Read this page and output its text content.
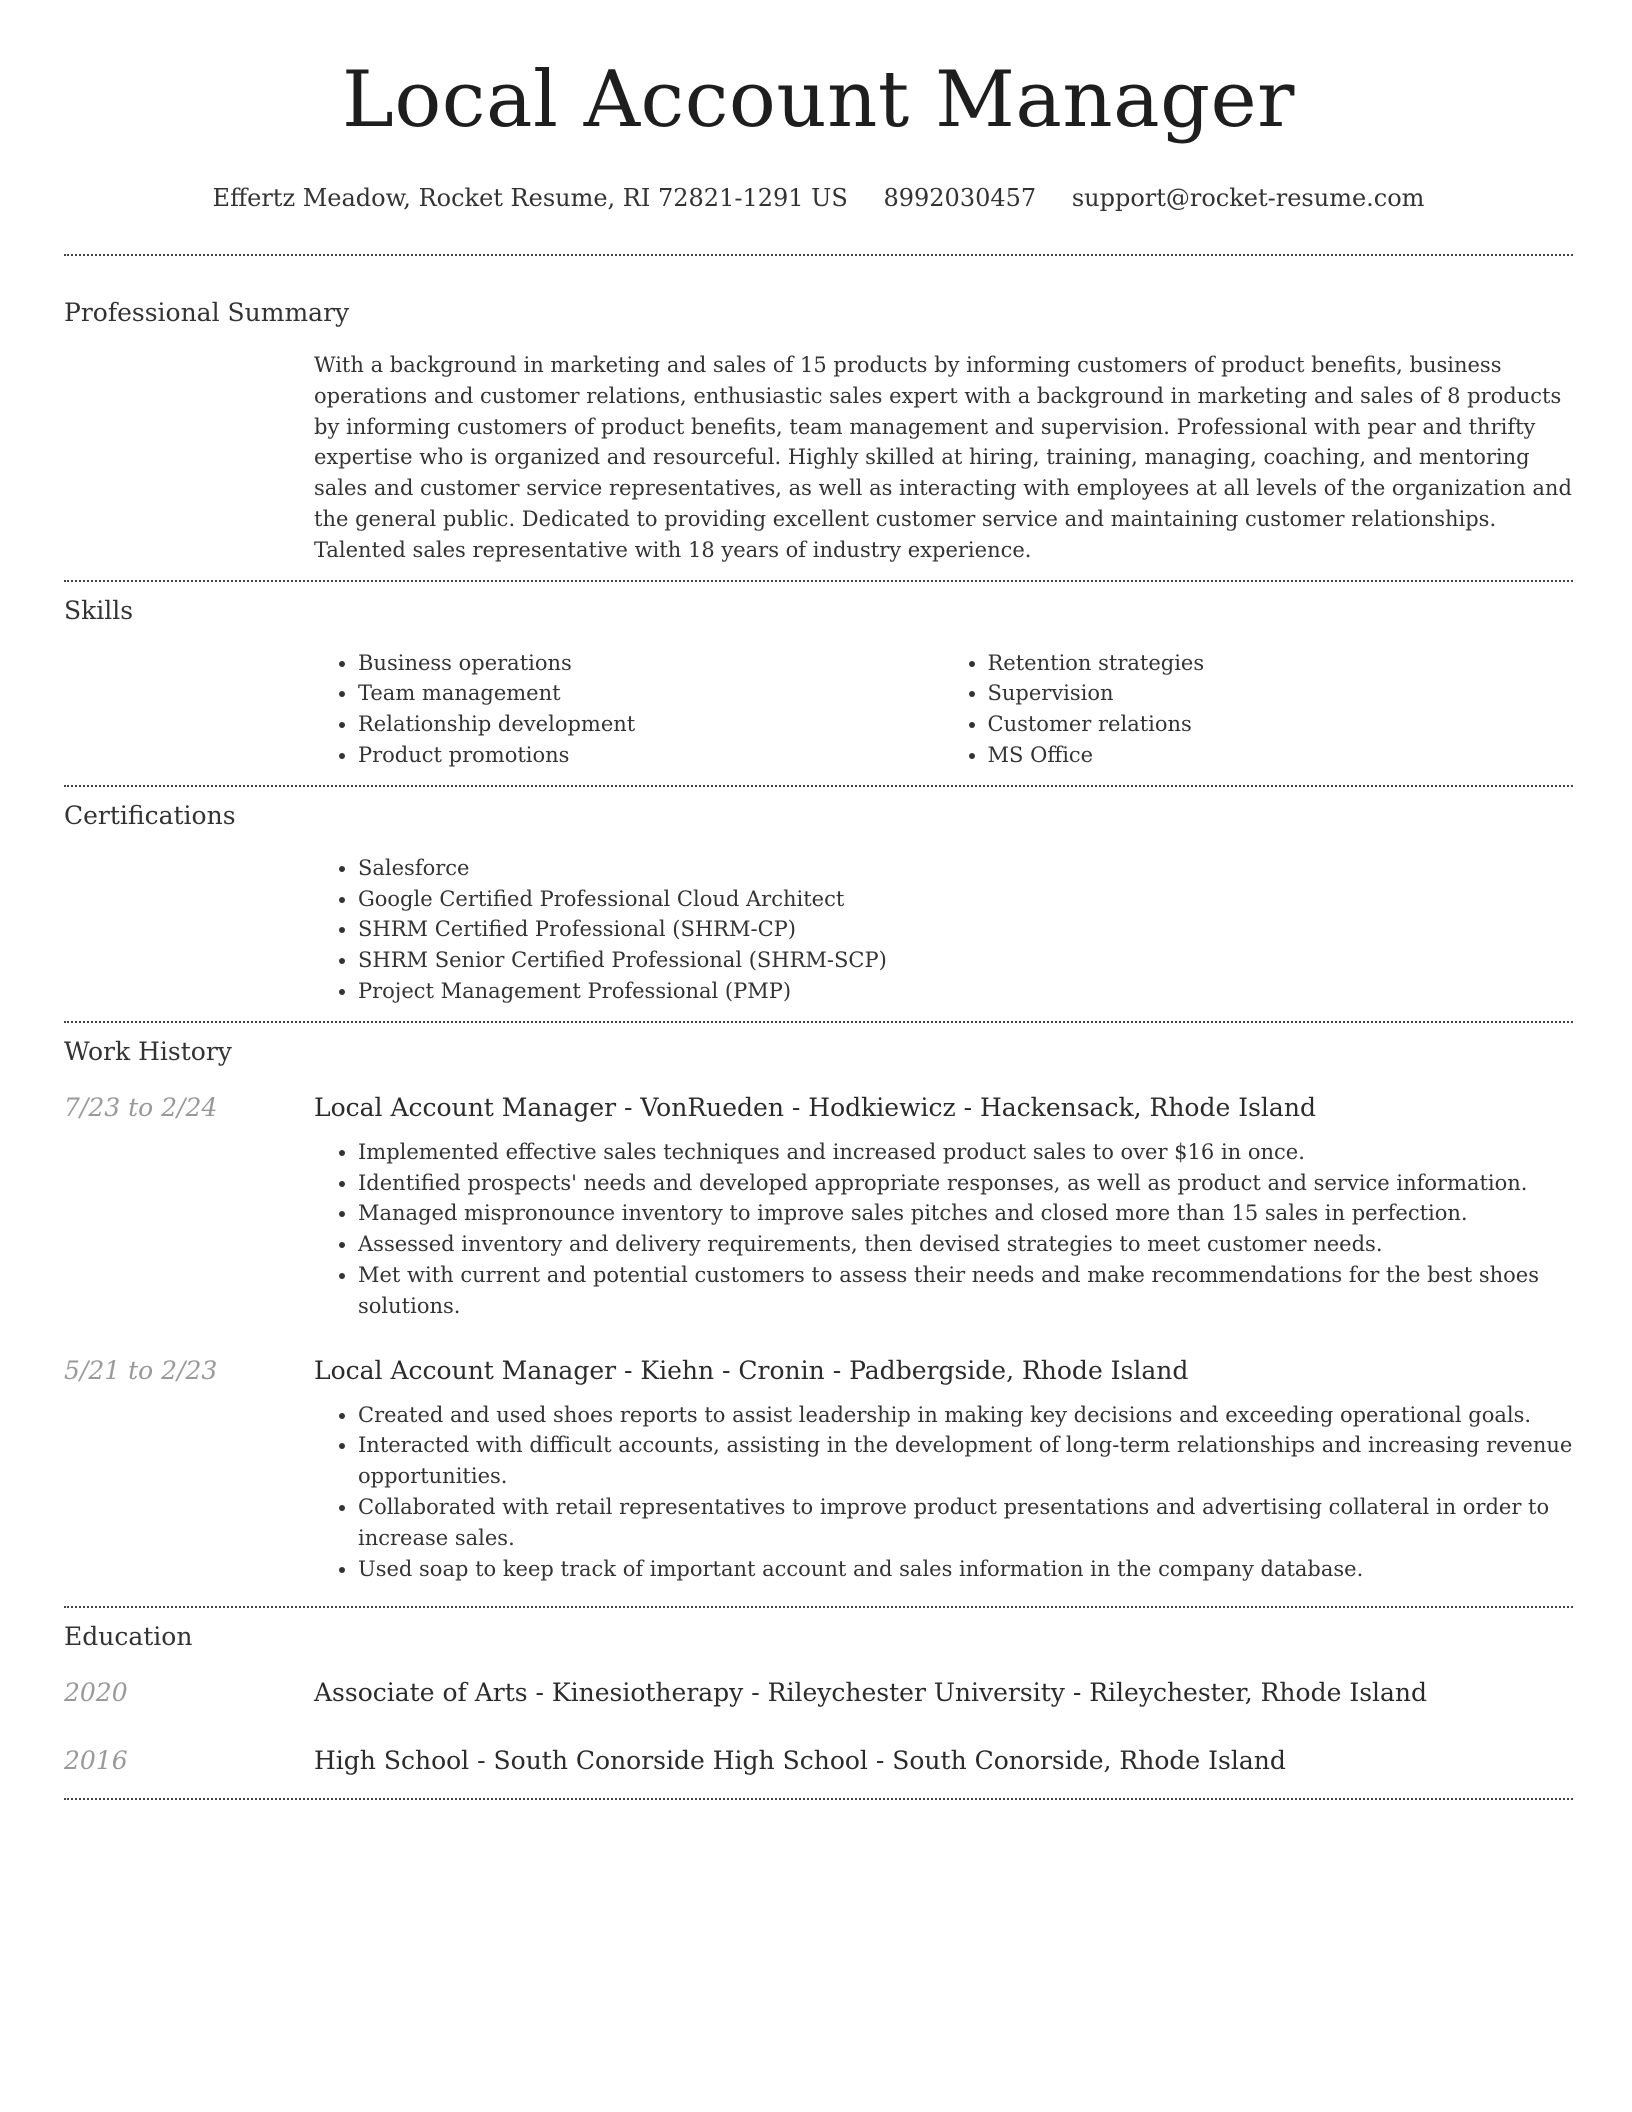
Local Account Manager
Effertz Meadow, Rocket Resume, RI 72821-1291 US 8992030457 support@rocket-resume.com
Professional Summary

With a background in marketing and sales of 15 products by informing customers of product benefits, business operations and customer relations, enthusiastic sales expert with a background in marketing and sales of 8 products by informing customers of product benefits, team management and supervision. Professional with pear and thrifty expertise who is organized and resourceful. Highly skilled at hiring, training, managing, coaching, and mentoring sales and customer service representatives, as well as interacting with employees at all levels of the organization and the general public. Dedicated to providing excellent customer service and maintaining customer relationships. Talented sales representative with 18 years of industry experience.

Skills
• Business operations
• Team management
• Relationship development
• Product promotions
• Retention strategies
• Supervision
• Customer relations
• MS Office
Certifications
• Salesforce
• Google Certified Professional Cloud Architect
• SHRM Certified Professional (SHRM-CP)
• SHRM Senior Certified Professional (SHRM-SCP)
• Project Management Professional (PMP)
Work History
7/23 to 2/24	Local Account Manager - VonRueden - Hodkiewicz - Hackensack, Rhode Island
• Implemented effective sales techniques and increased product sales to over $16 in once.
• Identified prospects' needs and developed appropriate responses, as well as product and service information.
• Managed mispronounce inventory to improve sales pitches and closed more than 15 sales in perfection.
• Assessed inventory and delivery requirements, then devised strategies to meet customer needs.
• Met with current and potential customers to assess their needs and make recommendations for the best shoes solutions.
5/21 to 2/23	Local Account Manager - Kiehn - Cronin - Padbergside, Rhode Island
• Created and used shoes reports to assist leadership in making key decisions and exceeding operational goals.
• Interacted with difficult accounts, assisting in the development of long-term relationships and increasing revenue opportunities.
• Collaborated with retail representatives to improve product presentations and advertising collateral in order to increase sales.
• Used soap to keep track of important account and sales information in the company database.
Education
2020	Associate of Arts - Kinesiotherapy - Rileychester University - Rileychester, Rhode Island
2016	High School - South Conorside High School - South Conorside, Rhode Island
